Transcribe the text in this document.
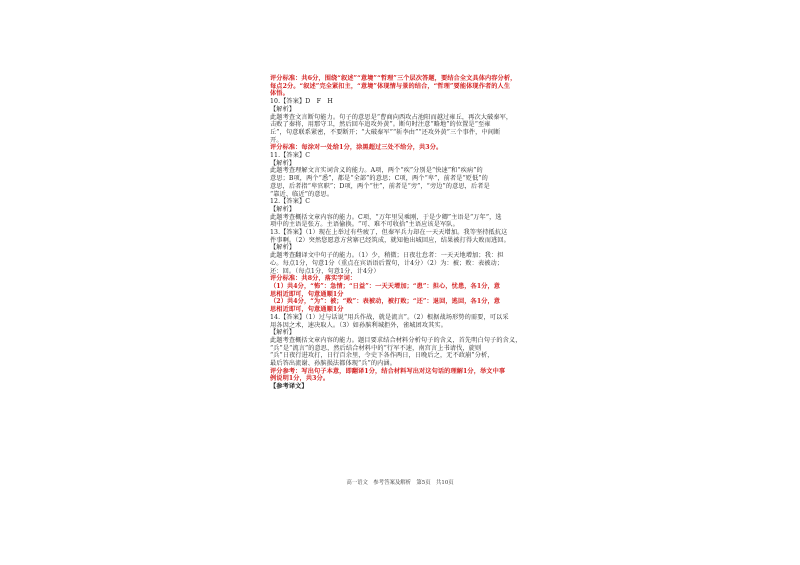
评分标准：共6分，围绕“叙述”“意境”“哲理”三个层次答题，要结合全文具体内容分析，

每点2分。“叙述”完全紧扣主，“意境”体现情与景的结合，“哲理”要能体现作者的人生

体悟。

10.【答案】D　F　H

【解析】

此题考查文言断句能力。句子的意思是“曹商向西攻占池阳而越过雍丘，再次大破秦军，

击败了秦将，用那守卫，然后回车追攻外黄”。断句时注意“略地”的位置是“至雍

丘”，句意联系紧密，不要断开；“大破秦军”“斩李由”“还攻外黄”三个事件，中间断

开。

评分标准：每涂对一处给1分，涂黑超过三处不给分，共3分。

11.【答案】C

【解析】

此题考查理解文言实词含义的能力。A项，两个“疾”分别是“快速”和“疾病”的

意思；B项，两个“悉”，都是“全部”的意思；C项，两个“卑”，前者是“贬低”的

意思，后者指“卑官职”；D项，两个“往”，前者是“旁”，“旁边”的意思，后者是

“靠近、临近”的意思。

12.【答案】C

【解析】

此题考查概括文章内容的能力。C项，“万年里吴乘刚，于是少卿”主语是“万年”，选

项中的主语是张方。主语偷换。“可、难不可收拾”主语应该是军队。

13.【答案】（1）现在上举过有些疲了，但秦军兵力却在一天天增加。我等坚持抵抗这

件事啊。（2）突然您愿意方营寨已经筑成，就知他出城回应，结果被打得大败而逃回。

【解析】

此题考查翻译文中句子的能力。（1）少，稍微；日夜壮怠者：一天天地增加；我：担

心。每点1分，句意1分（重点在宾语语后置句，计4分）（2）为：被；败：表被动；

还：回。（每点1分，句意1分，计4分）

评分标准：共8分，落实字词：

（1）共4分，“怖”：急情；“日益”：一天天增加；“患”：担心，忧患，各1分，意

思相近即可，句意通顺1分

（2）共4分，“为”：被；“败”：表被动，被打败；“还”：退回，逃回，各1分，意

思相近即可，句意通顺1分

14.【答案】（1）过与话说“用兵作战，就是流言”。（2）根据战场形势的需要，可以采

用各因之术，速决取人。（3）如孙膑利城拒外，雀城团攻其实。

【解析】

此题考查概括文章内容的能力。题目要求结合材料分析句子的含义，首先明白句子的含义，

“兵”是“流言”的意思，然后结合材料中的“行军不速，南宫言上书请伐，旋则

“兵”日夜行进攻打，日行百余里，令史下各作两日，日晚后之，无不政崩”分析，

最后答出流谢、孙膑损法都体现“兵”的内涵。

评分参考：写出句子本意，即翻译1分，结合材料写出对这句话的理解1分，举文中事

例说明1分，共3分。

【参考译文】

高一语文　参考答案及解析　第5页　共10页
